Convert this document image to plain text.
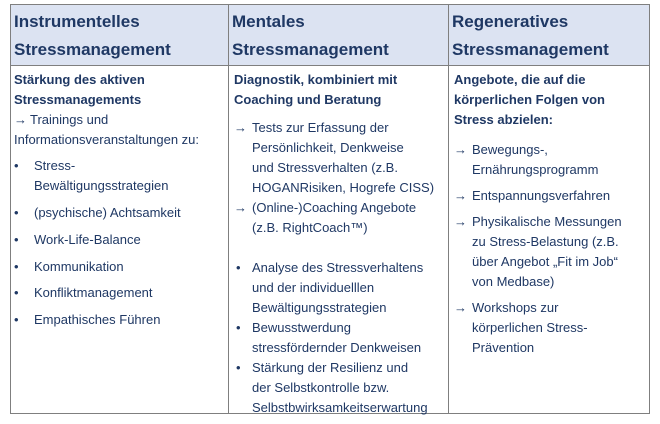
Instrumentelles
Stressmanagement
Mentales
Stressmanagement
Regeneratives
Stressmanagement
Stärkung des aktiven
Stressmanagements
→ Trainings und
Informationsveranstaltungen zu:
• Stress-
Bewältigungsstrategien
• (psychische) Achtsamkeit
• Work-Life-Balance
• Kommunikation
• Konfliktmanagement
• Empathisches Führen
Diagnostik, kombiniert mit
Coaching und Beratung
→ Tests zur Erfassung der
Persönlichkeit, Denkweise
und Stressverhalten (z.B.
HOGANRisiken, Hogrefe CISS)
→ (Online-)Coaching Angebote
(z.B. RightCoach™)
• Analyse des Stressverhaltens
und der individuelllen
Bewältigungsstrategien
• Bewusstwerdung
stressfördernder Denkweisen
• Stärkung der Resilienz und
der Selbstkontrolle bzw.
Selbstbwirksamkeitserwartung
Angebote, die auf die
körperlichen Folgen von
Stress abzielen:
→ Bewegungs-,
Ernährungsprogramm
→ Entspannungsverfahren
→ Physikalische Messungen
zu Stress-Belastung (z.B.
über Angebot „Fit im Job“
von Medbase)
→ Workshops zur
körperlichen Stress-
Prävention
